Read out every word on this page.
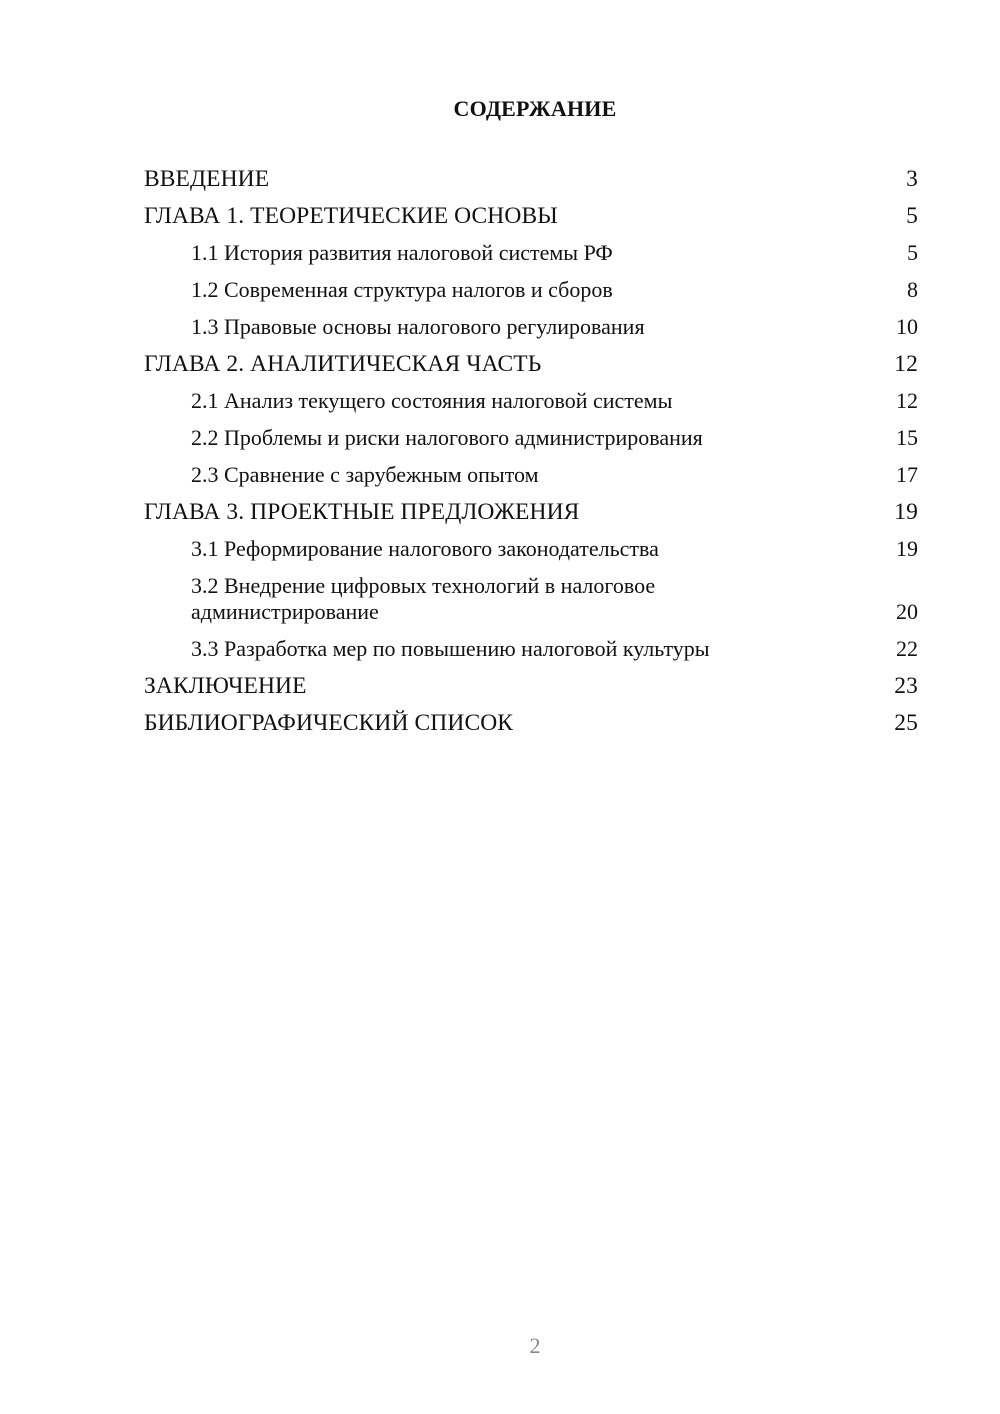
СОДЕРЖАНИЕ
ВВЕДЕНИЕ	3
ГЛАВА 1. ТЕОРЕТИЧЕСКИЕ ОСНОВЫ	5
1.1 История развития налоговой системы РФ	5
1.2 Современная структура налогов и сборов	8
1.3 Правовые основы налогового регулирования	10
ГЛАВА 2. АНАЛИТИЧЕСКАЯ ЧАСТЬ	12
2.1 Анализ текущего состояния налоговой системы	12
2.2 Проблемы и риски налогового администрирования	15
2.3 Сравнение с зарубежным опытом	17
ГЛАВА 3. ПРОЕКТНЫЕ ПРЕДЛОЖЕНИЯ	19
3.1 Реформирование налогового законодательства	19
3.2 Внедрение цифровых технологий в налоговое администрирование	20
3.3 Разработка мер по повышению налоговой культуры	22
ЗАКЛЮЧЕНИЕ	23
БИБЛИОГРАФИЧЕСКИЙ СПИСОК	25
2
